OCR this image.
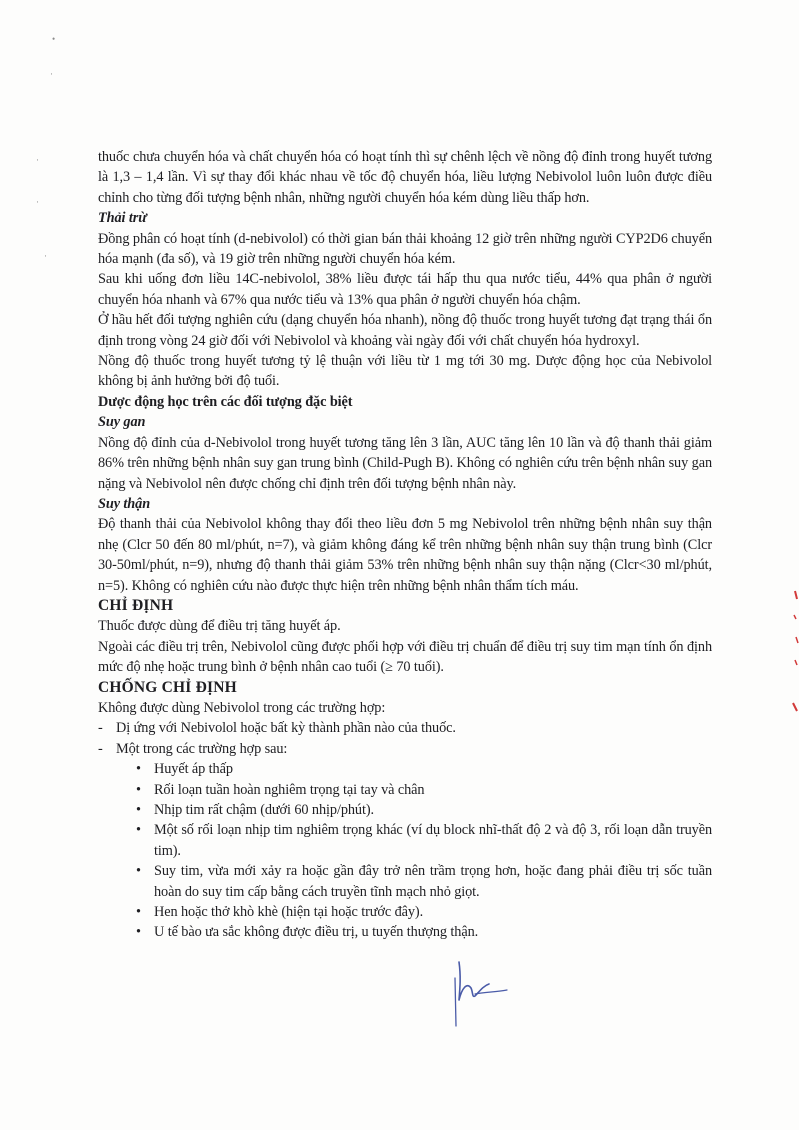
•
·
·
·
·

thuốc chưa chuyển hóa và chất chuyển hóa có hoạt tính thì sự chênh lệch về nồng độ đỉnh trong huyết tương là 1,3 – 1,4 lần. Vì sự thay đổi khác nhau về tốc độ chuyển hóa, liều lượng Nebivolol luôn luôn được điều chỉnh cho từng đối tượng bệnh nhân, những người chuyển hóa kém dùng liều thấp hơn.

Thải trừ

Đồng phân có hoạt tính (d-nebivolol) có thời gian bán thải khoảng 12 giờ trên những người CYP2D6 chuyển hóa mạnh (đa số), và 19 giờ trên những người chuyển hóa kém.

Sau khi uống đơn liều 14C-nebivolol, 38% liều được tái hấp thu qua nước tiểu, 44% qua phân ở người chuyển hóa nhanh và 67% qua nước tiểu và 13% qua phân ở người chuyển hóa chậm.

Ở hầu hết đối tượng nghiên cứu (dạng chuyển hóa nhanh), nồng độ thuốc trong huyết tương đạt trạng thái ổn định trong vòng 24 giờ đối với Nebivolol và khoảng vài ngày đối với chất chuyển hóa hydroxyl.

Nồng độ thuốc trong huyết tương tỷ lệ thuận với liều từ 1 mg tới 30 mg. Dược động học của Nebivolol không bị ảnh hưởng bởi độ tuổi.

Dược động học trên các đối tượng đặc biệt

Suy gan

Nồng độ đỉnh của d-Nebivolol trong huyết tương tăng lên 3 lần, AUC tăng lên 10 lần và độ thanh thải giảm 86% trên những bệnh nhân suy gan trung bình (Child-Pugh B). Không có nghiên cứu trên bệnh nhân suy gan nặng và Nebivolol nên được chống chỉ định trên đối tượng bệnh nhân này.

Suy thận

Độ thanh thải của Nebivolol không thay đổi theo liều đơn 5 mg Nebivolol trên những bệnh nhân suy thận nhẹ (Clcr 50 đến 80 ml/phút, n=7), và giảm không đáng kể trên những bệnh nhân suy thận trung bình (Clcr 30-50ml/phút, n=9), nhưng độ thanh thải giảm 53% trên những bệnh nhân suy thận nặng (Clcr<30 ml/phút, n=5). Không có nghiên cứu nào được thực hiện trên những bệnh nhân thẩm tích máu.

CHỈ ĐỊNH

Thuốc được dùng để điều trị tăng huyết áp.

Ngoài các điều trị trên, Nebivolol cũng được phối hợp với điều trị chuẩn để điều trị suy tim mạn tính ổn định mức độ nhẹ hoặc trung bình ở bệnh nhân cao tuổi (≥ 70 tuổi).

CHỐNG CHỈ ĐỊNH

Không được dùng Nebivolol trong các trường hợp:

- Dị ứng với Nebivolol hoặc bất kỳ thành phần nào của thuốc.
- Một trong các trường hợp sau:
• Huyết áp thấp
• Rối loạn tuần hoàn nghiêm trọng tại tay và chân
• Nhịp tim rất chậm (dưới 60 nhịp/phút).
• Một số rối loạn nhịp tim nghiêm trọng khác (ví dụ block nhĩ-thất độ 2 và độ 3, rối loạn dẫn truyền tim).
• Suy tim, vừa mới xảy ra hoặc gần đây trở nên trầm trọng hơn, hoặc đang phải điều trị sốc tuần hoàn do suy tim cấp bằng cách truyền tĩnh mạch nhỏ giọt.
• Hen hoặc thở khò khè (hiện tại hoặc trước đây).
• U tế bào ưa sắc không được điều trị, u tuyến thượng thận.
